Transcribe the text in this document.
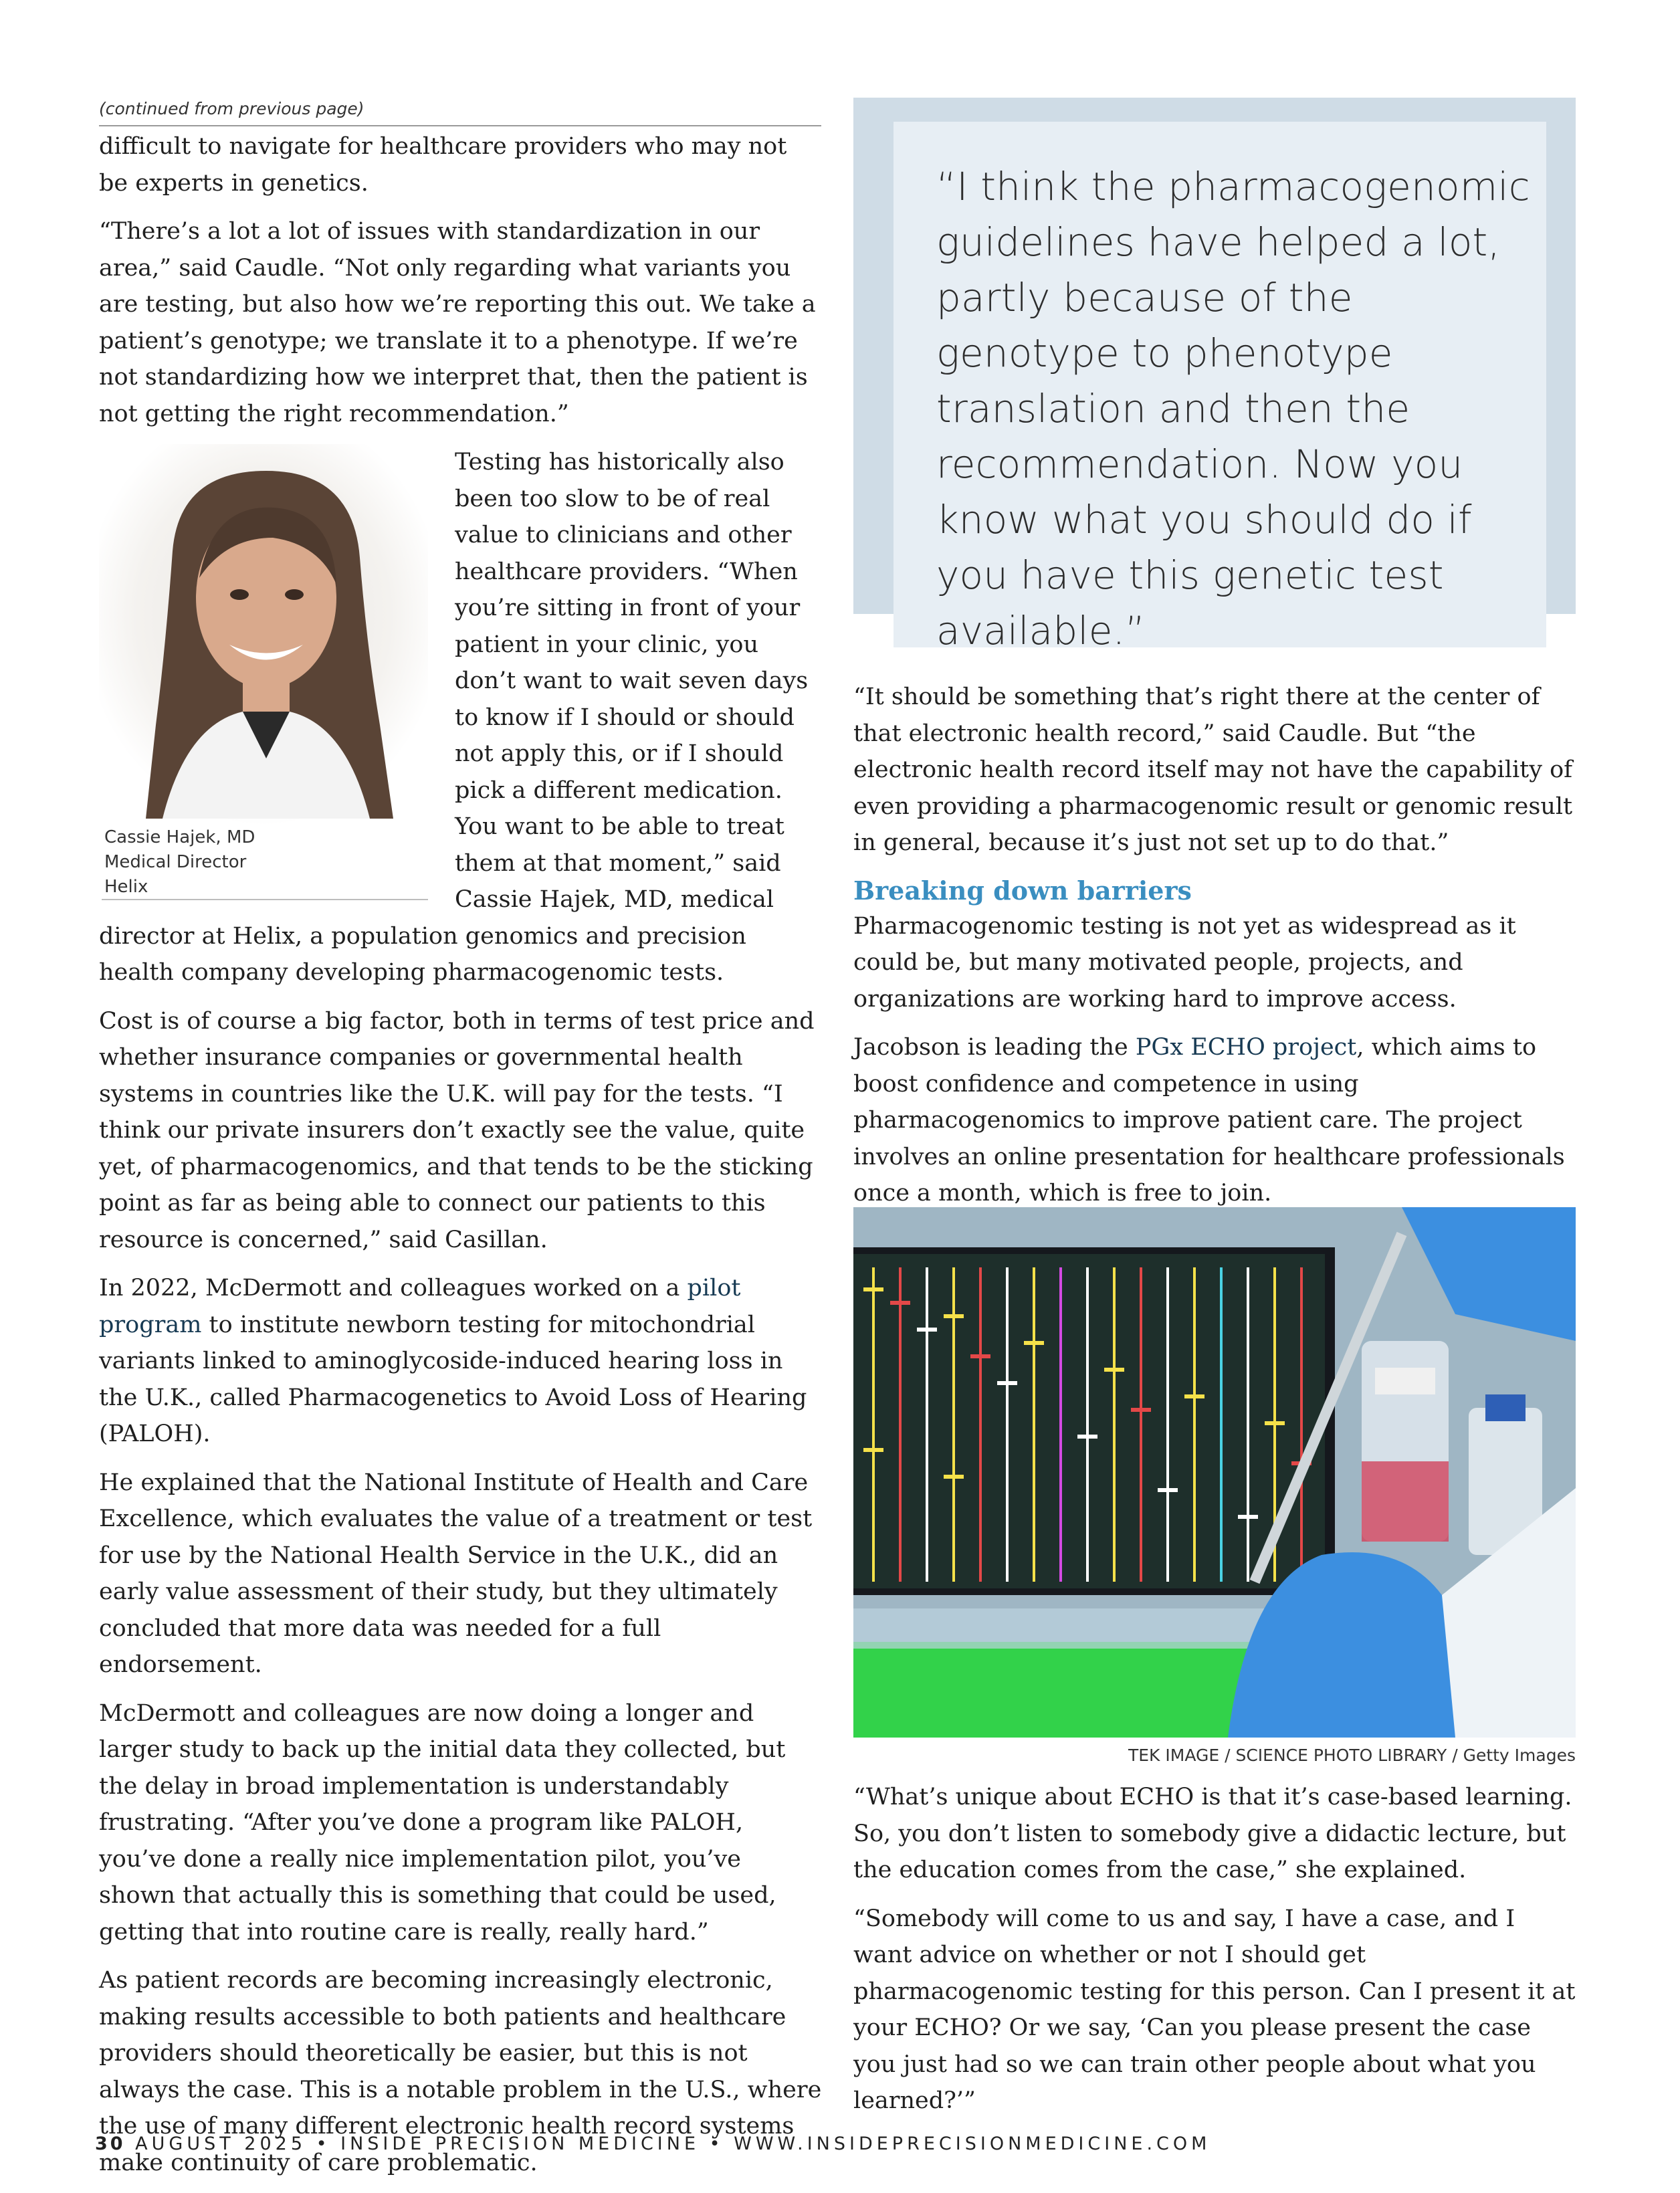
(continued from previous page)

difficult to navigate for healthcare providers who may not be experts in genetics.

“There’s a lot a lot of issues with standardization in our area,” said Caudle. “Not only regarding what variants you are testing, but also how we’re reporting this out. We take a patient’s genotype; we translate it to a phenotype. If we’re not standardizing how we interpret that, then the patient is not getting the right recommendation.”

Cassie Hajek, MD
Medical Director
Helix

Testing has historically also been too slow to be of real value to clinicians and other healthcare providers. “When you’re sitting in front of your patient in your clinic, you don’t want to wait seven days to know if I should or should not apply this, or if I should pick a different medication. You want to be able to treat them at that moment,” said Cassie Hajek, MD, medical director at Helix, a population genomics and precision health company developing pharmacogenomic tests.

Cost is of course a big factor, both in terms of test price and whether insurance companies or governmental health systems in countries like the U.K. will pay for the tests. “I think our private insurers don’t exactly see the value, quite yet, of pharmacogenomics, and that tends to be the sticking point as far as being able to connect our patients to this resource is concerned,” said Casillan.

In 2022, McDermott and colleagues worked on a pilot program to institute newborn testing for mitochondrial variants linked to aminoglycoside-induced hearing loss in the U.K., called Pharmacogenetics to Avoid Loss of Hearing (PALOH).

He explained that the National Institute of Health and Care Excellence, which evaluates the value of a treatment or test for use by the National Health Service in the U.K., did an early value assessment of their study, but they ultimately concluded that more data was needed for a full endorsement.

McDermott and colleagues are now doing a longer and larger study to back up the initial data they collected, but the delay in broad implementation is understandably frustrating. “After you’ve done a program like PALOH, you’ve done a really nice implementation pilot, you’ve shown that actually this is something that could be used, getting that into routine care is really, really hard.”

As patient records are becoming increasingly electronic, making results accessible to both patients and healthcare providers should theoretically be easier, but this is not always the case. This is a notable problem in the U.S., where the use of many different electronic health record systems make continuity of care problematic.

“I think the pharmacogenomic guidelines have helped a lot, partly because of the genotype to phenotype translation and then the recommendation. Now you know what you should do if you have this genetic test available.”

“It should be something that’s right there at the center of that electronic health record,” said Caudle. But “the electronic health record itself may not have the capability of even providing a pharmacogenomic result or genomic result in general, because it’s just not set up to do that.”

Breaking down barriers

Pharmacogenomic testing is not yet as widespread as it could be, but many motivated people, projects, and organizations are working hard to improve access.

Jacobson is leading the PGx ECHO project, which aims to boost confidence and competence in using pharmacogenomics to improve patient care. The project involves an online presentation for healthcare professionals once a month, which is free to join.

TEK IMAGE / SCIENCE PHOTO LIBRARY / Getty Images

“What’s unique about ECHO is that it’s case-based learning. So, you don’t listen to somebody give a didactic lecture, but the education comes from the case,” she explained.

“Somebody will come to us and say, I have a case, and I want advice on whether or not I should get pharmacogenomic testing for this person. Can I present it at your ECHO? Or we say, ‘Can you please present the case you just had so we can train other people about what you learned?’”

30 AUGUST 2025 • INSIDE PRECISION MEDICINE • WWW.INSIDEPRECISIONMEDICINE.COM
